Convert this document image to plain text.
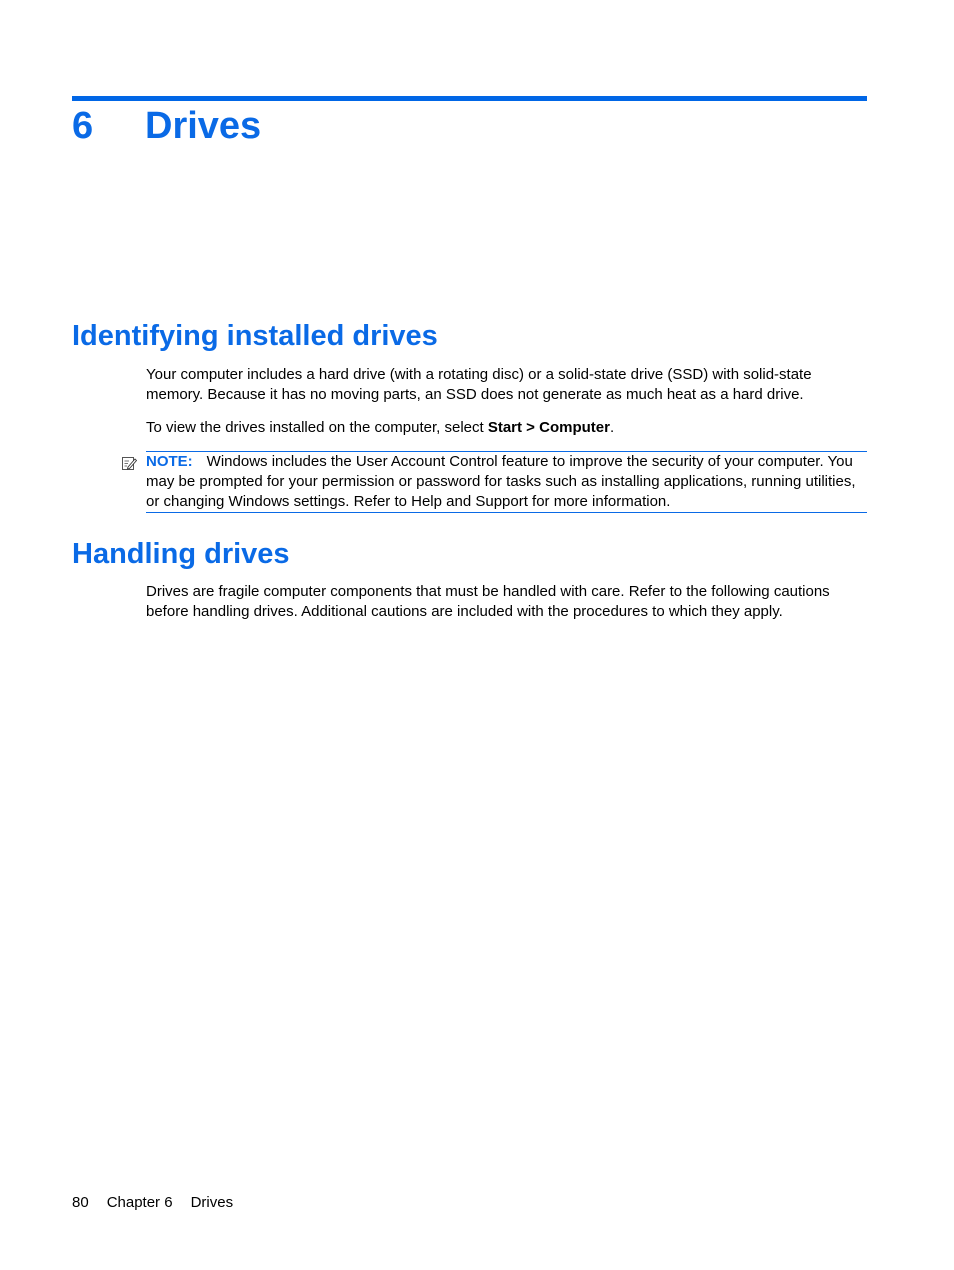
6 Drives
Identifying installed drives

Your computer includes a hard drive (with a rotating disc) or a solid-state drive (SSD) with solid-state memory. Because it has no moving parts, an SSD does not generate as much heat as a hard drive.

To view the drives installed on the computer, select Start > Computer.

NOTE: Windows includes the User Account Control feature to improve the security of your computer. You may be prompted for your permission or password for tasks such as installing applications, running utilities, or changing Windows settings. Refer to Help and Support for more information.

Handling drives

Drives are fragile computer components that must be handled with care. Refer to the following cautions before handling drives. Additional cautions are included with the procedures to which they apply.

80 Chapter 6 Drives
